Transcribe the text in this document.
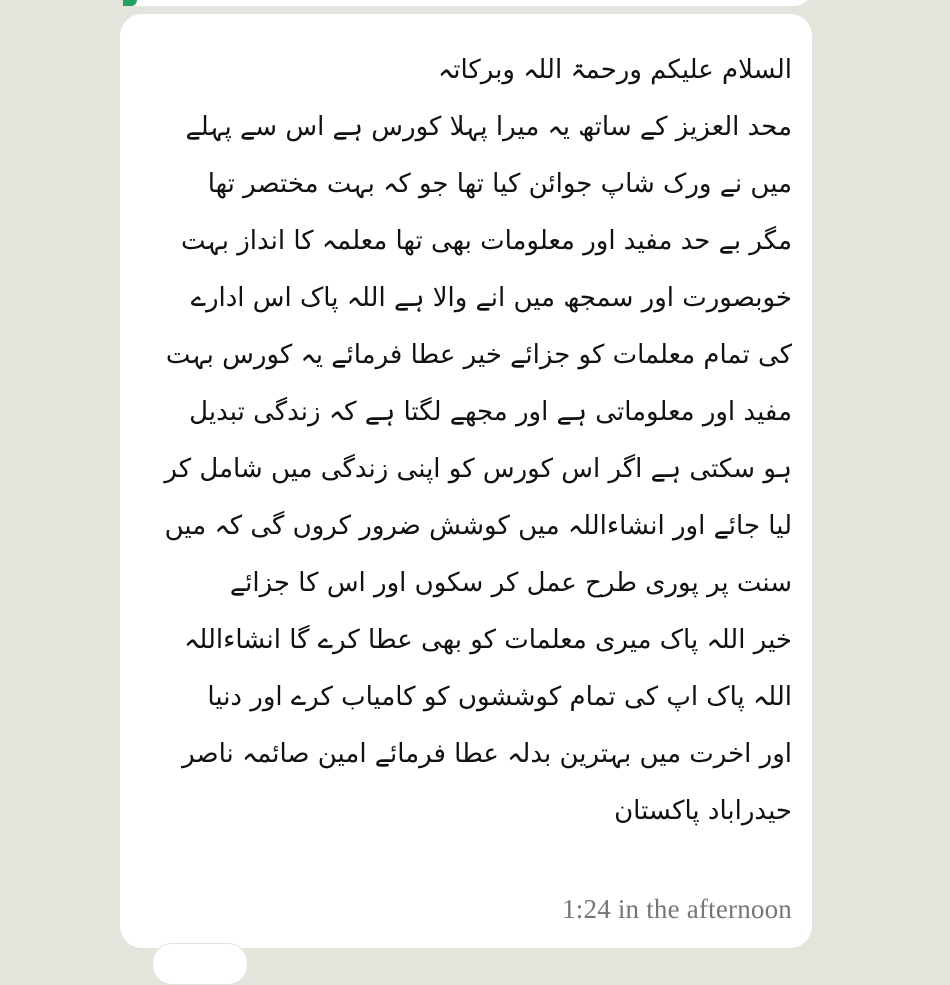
السلام علیکم ورحمۃ اللہ وبرکاتہ
محد العزیز کے ساتھ یہ میرا پہلا کورس ہے اس سے پہلے
میں نے ورک شاپ جوائن کیا تھا جو کہ بہت مختصر تھا
مگر بے حد مفید اور معلومات بھی تھا معلمہ کا انداز بہت
خوبصورت اور سمجھ میں انے والا ہے اللہ پاک اس ادارے
کی تمام معلمات کو جزائے خیر عطا فرمائے یہ کورس بہت
مفید اور معلوماتی ہے اور مجھے لگتا ہے کہ زندگی تبدیل
ہو سکتی ہے اگر اس کورس کو اپنی زندگی میں شامل کر
لیا جائے اور انشاءاللہ میں کوشش ضرور کروں گی کہ میں
سنت پر پوری طرح عمل کر سکوں اور اس کا جزائے
خیر اللہ پاک میری معلمات کو بھی عطا کرے گا انشاءاللہ
اللہ پاک اپ کی تمام کوششوں کو کامیاب کرے اور دنیا
اور اخرت میں بہترین بدلہ عطا فرمائے امین صائمہ ناصر
حیدراباد پاکستان
1:24 in the afternoon
